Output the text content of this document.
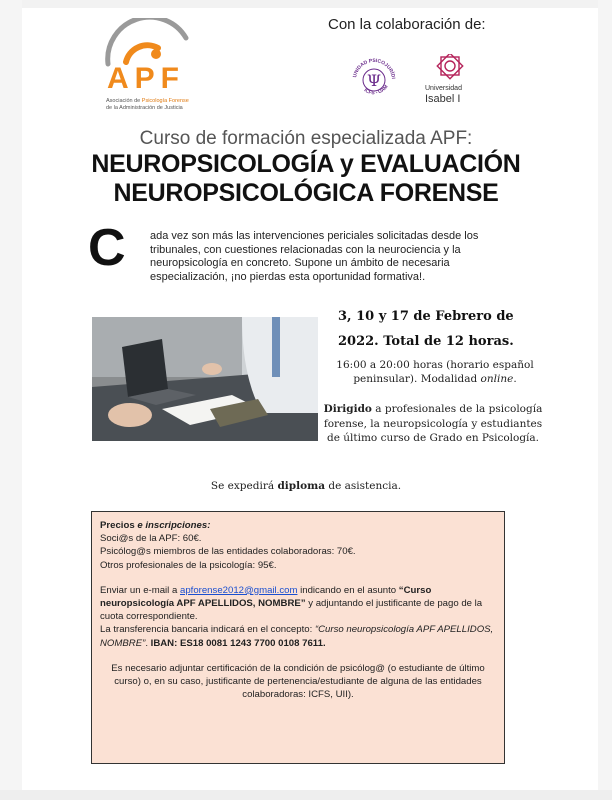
APF
Asociación de Psicología Forense
de la Administración de Justicia
Con la colaboración de:
UNIDAD PSICOJURÍDI
ICFS - UAM
Ψ	Universidad
Isabel I
Curso de formación especializada APF:
NEUROPSICOLOGÍA y EVALUACIÓN
NEUROPSICOLÓGICA FORENSE
C ada vez son más las intervenciones periciales solicitadas desde los tribunales, con cuestiones relacionadas con la neurociencia y la neuropsicología en concreto. Supone un ámbito de necesaria especialización, ¡no pierdas esta oportunidad formativa!.
3, 10 y 17 de Febrero de
2022. Total de 12 horas.
16:00 a 20:00 horas (horario español peninsular). Modalidad online.
Dirigido a profesionales de la psicología forense, la neuropsicología y estudiantes de último curso de Grado en Psicología.
Se expedirá diploma de asistencia.

Precios e inscripciones:

Soci@s de la APF: 60€.

Psicólog@s miembros de las entidades colaboradoras: 70€.

Otros profesionales de la psicología: 95€.

Enviar un e-mail a apforense2012@gmail.com indicando en el asunto “Curso neuropsicología APF APELLIDOS, NOMBRE” y adjuntando el justificante de pago de la cuota correspondiente.

La transferencia bancaria indicará en el concepto: “Curso neuropsicología APF APELLIDOS, NOMBRE”. IBAN: ES18 0081 1243 7700 0108 7611.

Es necesario adjuntar certificación de la condición de psicólog@ (o estudiante de último curso) o, en su caso, justificante de pertenencia/estudiante de alguna de las entidades colaboradoras: ICFS, UII).
